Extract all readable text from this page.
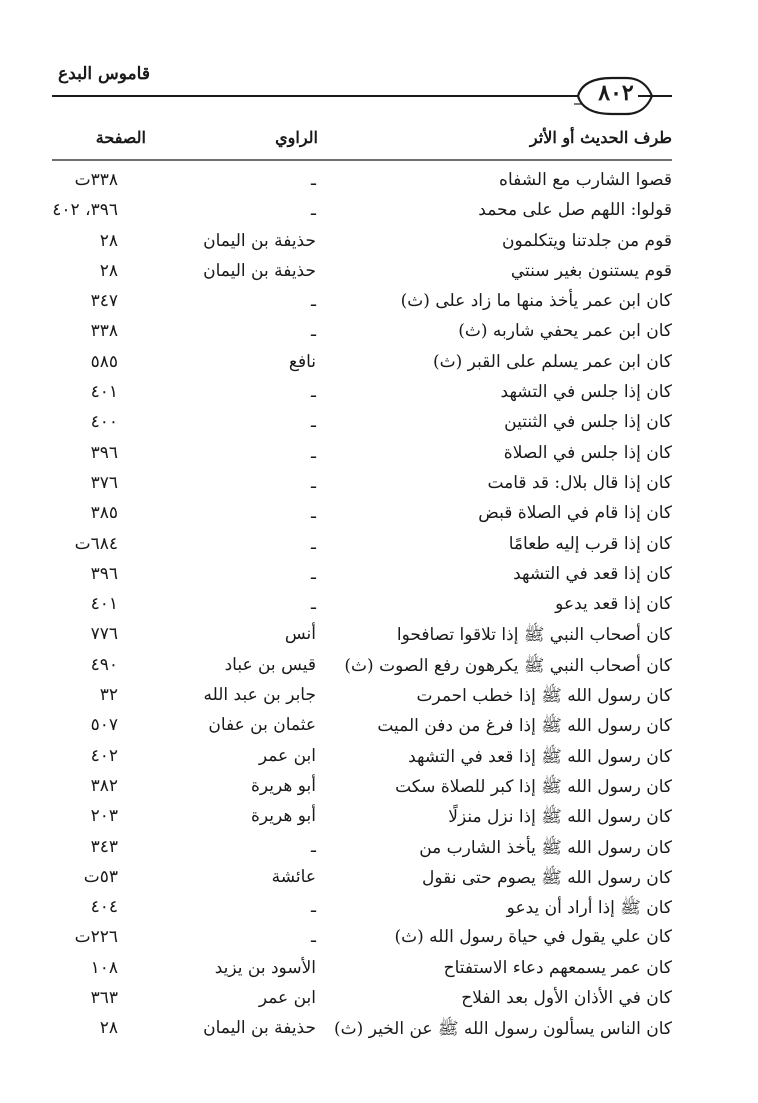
قاموس البدع
٨٠٢
طرف الحديث أو الأثر
الراوي
الصفحة
قصوا الشارب مع الشفاه
ـ
٣٣٨ت
قولوا: اللهم صل على محمد
ـ
٣٩٦، ٤٠٢
قوم من جلدتنا ويتكلمون
حذيفة بن اليمان
٢٨
قوم يستنون بغير سنتي
حذيفة بن اليمان
٢٨
كان ابن عمر يأخذ منها ما زاد على (ث)
ـ
٣٤٧
كان ابن عمر يحفي شاربه (ث)
ـ
٣٣٨
كان ابن عمر يسلم على القبر (ث)
نافع
٥٨٥
كان إذا جلس في التشهد
ـ
٤٠١
كان إذا جلس في الثنتين
ـ
٤٠٠
كان إذا جلس في الصلاة
ـ
٣٩٦
كان إذا قال بلال: قد قامت
ـ
٣٧٦
كان إذا قام في الصلاة قبض
ـ
٣٨٥
كان إذا قرب إليه طعامًا
ـ
٦٨٤ت
كان إذا قعد في التشهد
ـ
٣٩٦
كان إذا قعد يدعو
ـ
٤٠١
كان أصحاب النبي ﷺ إذا تلاقوا تصافحوا
أنس
٧٧٦
كان أصحاب النبي ﷺ يكرهون رفع الصوت (ث)
قيس بن عباد
٤٩٠
كان رسول الله ﷺ إذا خطب احمرت
جابر بن عبد الله
٣٢
كان رسول الله ﷺ إذا فرغ من دفن الميت
عثمان بن عفان
٥٠٧
كان رسول الله ﷺ إذا قعد في التشهد
ابن عمر
٤٠٢
كان رسول الله ﷺ إذا كبر للصلاة سكت
أبو هريرة
٣٨٢
كان رسول الله ﷺ إذا نزل منزلًا
أبو هريرة
٢٠٣
كان رسول الله ﷺ يأخذ الشارب من
ـ
٣٤٣
كان رسول الله ﷺ يصوم حتى نقول
عائشة
٥٣ت
كان ﷺ إذا أراد أن يدعو
ـ
٤٠٤
كان علي يقول في حياة رسول الله (ث)
ـ
٢٢٦ت
كان عمر يسمعهم دعاء الاستفتاح
الأسود بن يزيد
١٠٨
كان في الأذان الأول بعد الفلاح
ابن عمر
٣٦٣
كان الناس يسألون رسول الله ﷺ عن الخير (ث)
حذيفة بن اليمان
٢٨
